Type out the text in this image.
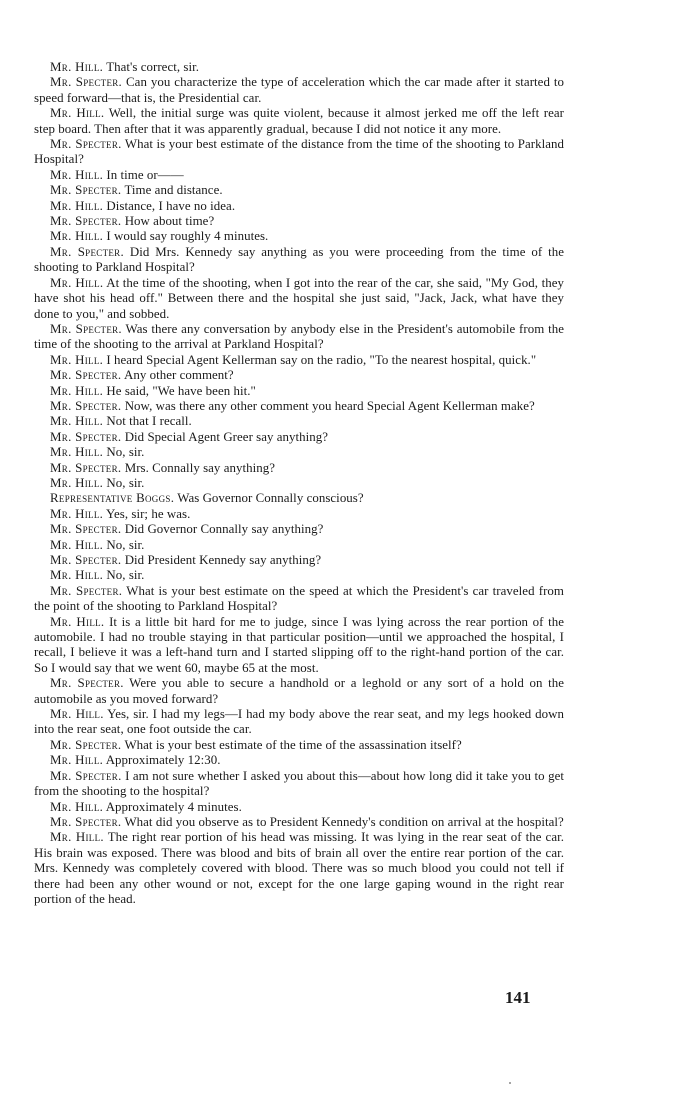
Mr. Hill. That's correct, sir.

Mr. Specter. Can you characterize the type of acceleration which the car made after it started to speed forward—that is, the Presidential car.

Mr. Hill. Well, the initial surge was quite violent, because it almost jerked me off the left rear step board. Then after that it was apparently gradual, because I did not notice it any more.

Mr. Specter. What is your best estimate of the distance from the time of the shooting to Parkland Hospital?

Mr. Hill. In time or——

Mr. Specter. Time and distance.

Mr. Hill. Distance, I have no idea.

Mr. Specter. How about time?

Mr. Hill. I would say roughly 4 minutes.

Mr. Specter. Did Mrs. Kennedy say anything as you were proceeding from the time of the shooting to Parkland Hospital?

Mr. Hill. At the time of the shooting, when I got into the rear of the car, she said, "My God, they have shot his head off." Between there and the hospital she just said, "Jack, Jack, what have they done to you," and sobbed.

Mr. Specter. Was there any conversation by anybody else in the President's automobile from the time of the shooting to the arrival at Parkland Hospital?

Mr. Hill. I heard Special Agent Kellerman say on the radio, "To the nearest hospital, quick."

Mr. Specter. Any other comment?

Mr. Hill. He said, "We have been hit."

Mr. Specter. Now, was there any other comment you heard Special Agent Kellerman make?

Mr. Hill. Not that I recall.

Mr. Specter. Did Special Agent Greer say anything?

Mr. Hill. No, sir.

Mr. Specter. Mrs. Connally say anything?

Mr. Hill. No, sir.

Representative Boggs. Was Governor Connally conscious?

Mr. Hill. Yes, sir; he was.

Mr. Specter. Did Governor Connally say anything?

Mr. Hill. No, sir.

Mr. Specter. Did President Kennedy say anything?

Mr. Hill. No, sir.

Mr. Specter. What is your best estimate on the speed at which the President's car traveled from the point of the shooting to Parkland Hospital?

Mr. Hill. It is a little bit hard for me to judge, since I was lying across the rear portion of the automobile. I had no trouble staying in that particular position—until we approached the hospital, I recall, I believe it was a left-hand turn and I started slipping off to the right-hand portion of the car. So I would say that we went 60, maybe 65 at the most.

Mr. Specter. Were you able to secure a handhold or a leghold or any sort of a hold on the automobile as you moved forward?

Mr. Hill. Yes, sir. I had my legs—I had my body above the rear seat, and my legs hooked down into the rear seat, one foot outside the car.

Mr. Specter. What is your best estimate of the time of the assassination itself?

Mr. Hill. Approximately 12:30.

Mr. Specter. I am not sure whether I asked you about this—about how long did it take you to get from the shooting to the hospital?

Mr. Hill. Approximately 4 minutes.

Mr. Specter. What did you observe as to President Kennedy's condition on arrival at the hospital?

Mr. Hill. The right rear portion of his head was missing. It was lying in the rear seat of the car. His brain was exposed. There was blood and bits of brain all over the entire rear portion of the car. Mrs. Kennedy was completely covered with blood. There was so much blood you could not tell if there had been any other wound or not, except for the one large gaping wound in the right rear portion of the head.

141
